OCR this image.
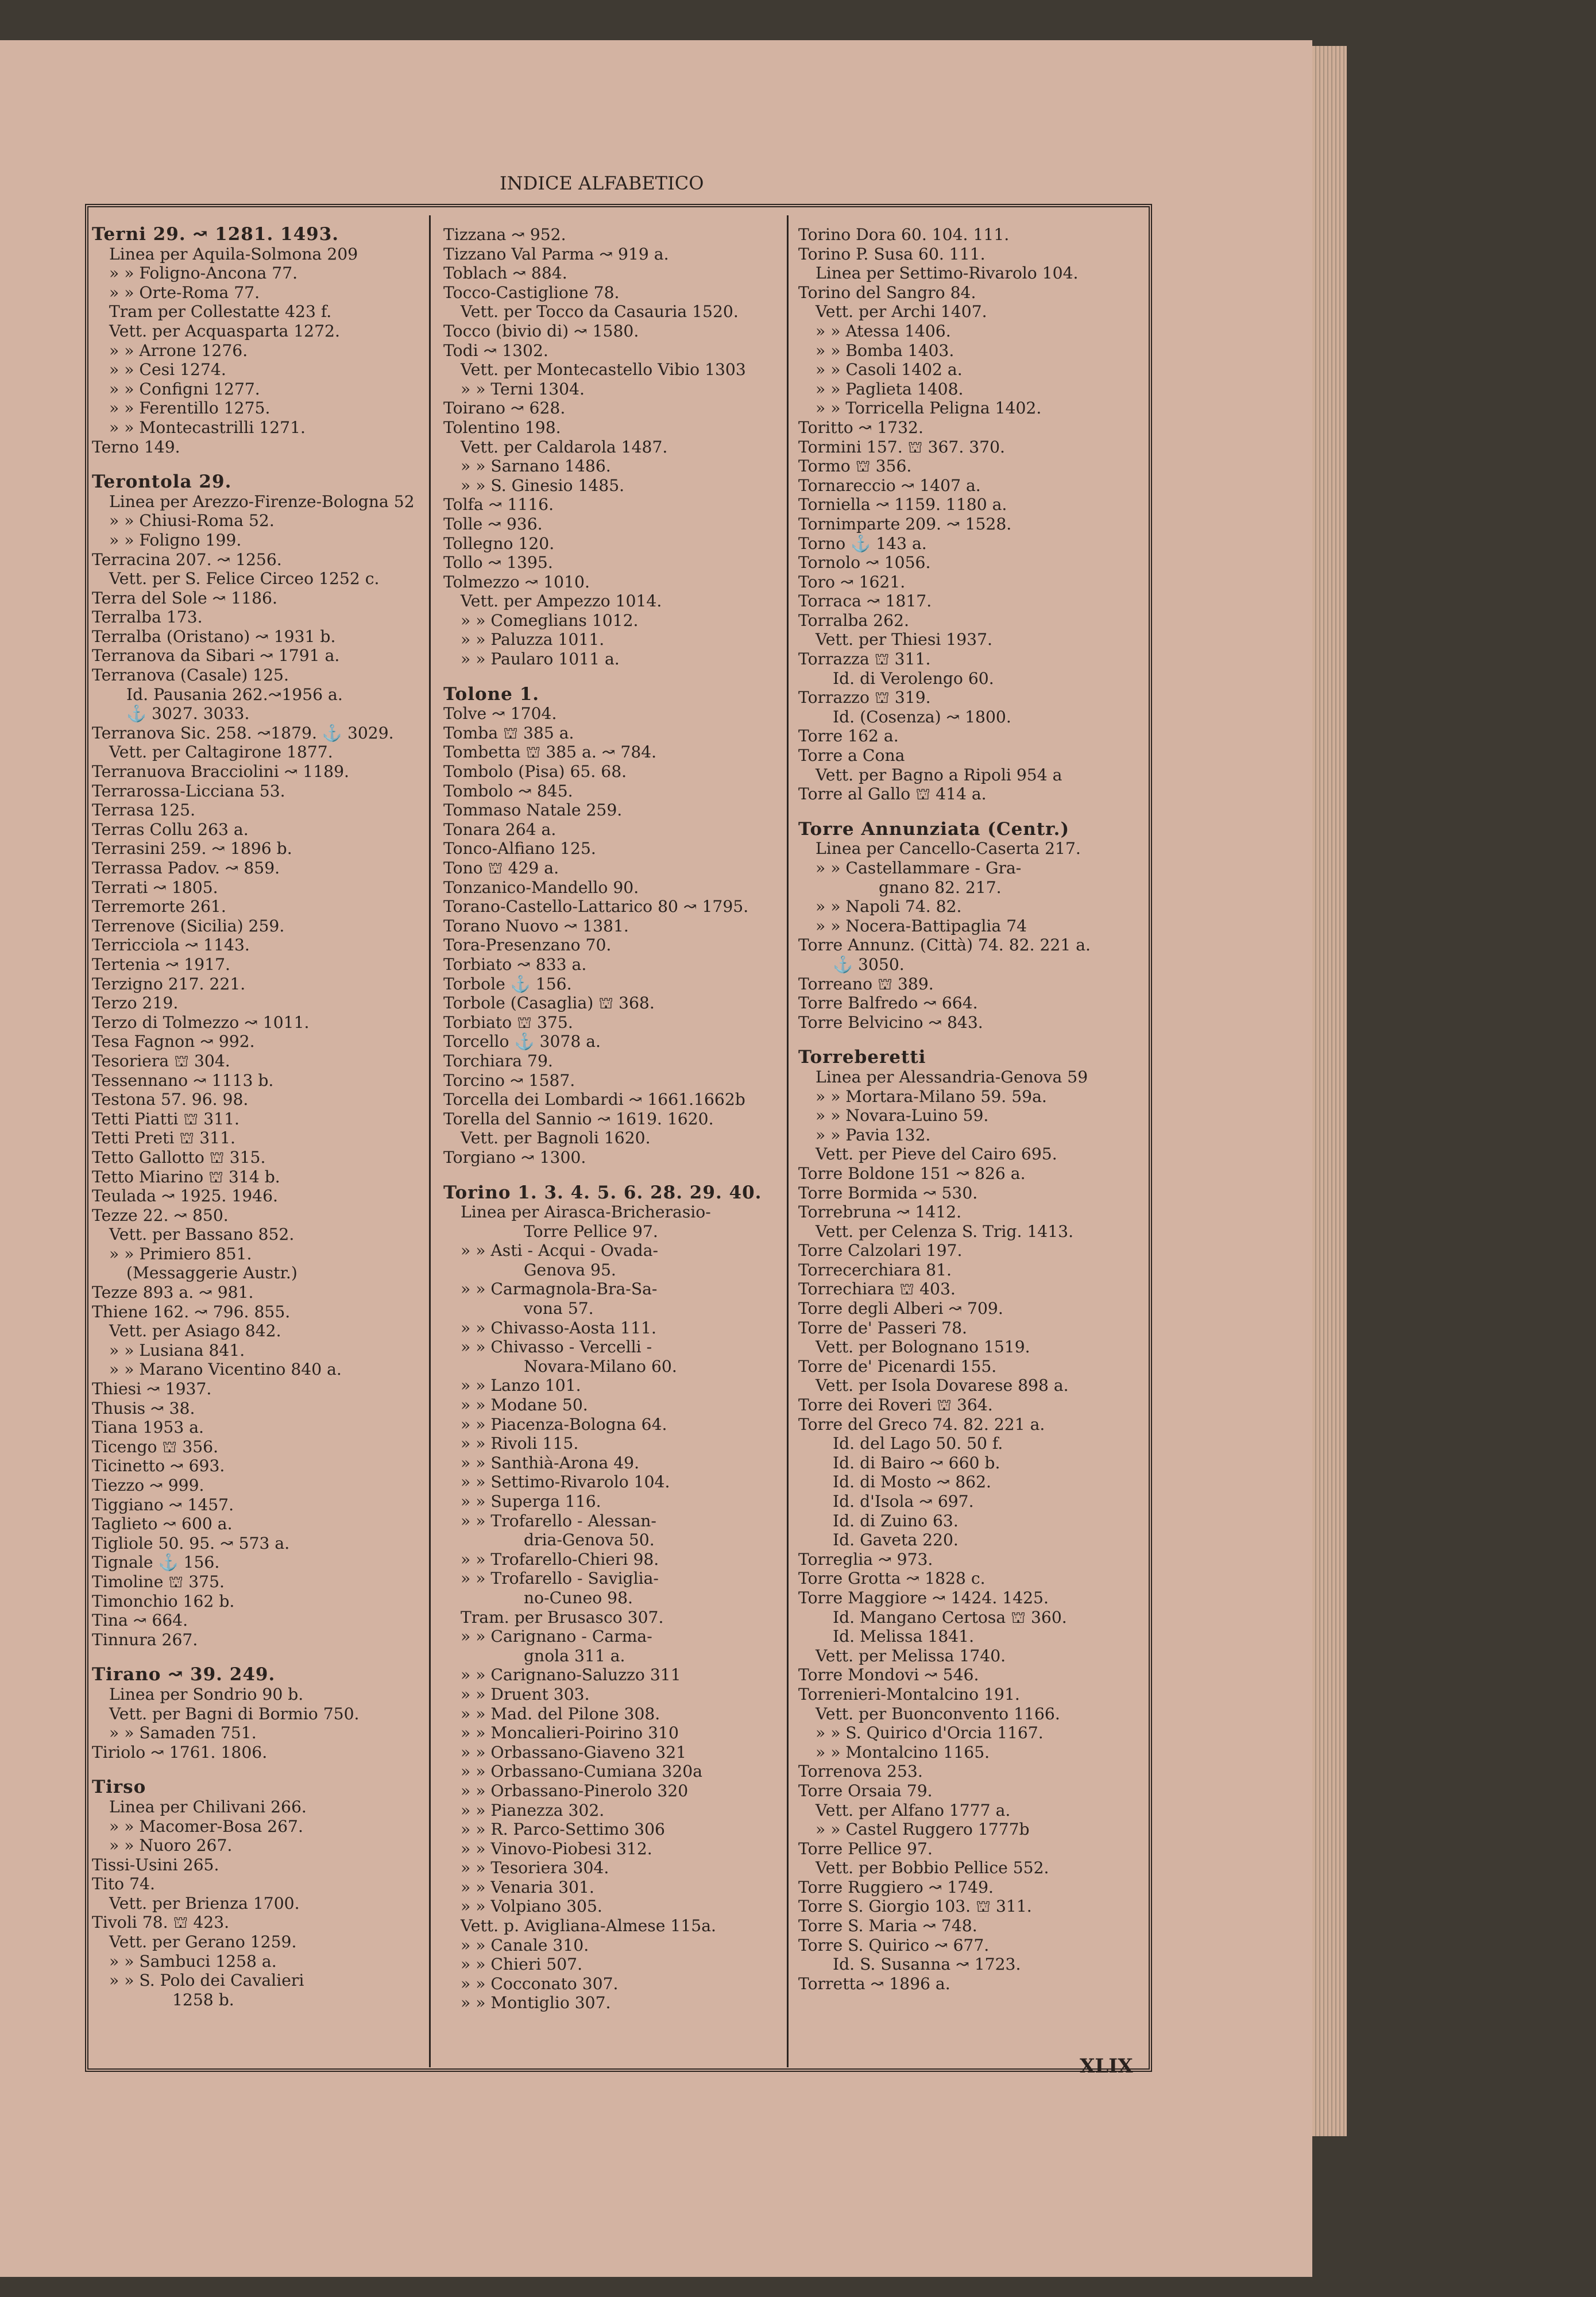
INDICE ALFABETICO
Terni 29. ↝ 1281. 1493.
Linea per Aquila-Solmona 209
» » Foligno-Ancona 77.
» » Orte-Roma 77.
Tram per Collestatte 423 f.
Vett. per Acquasparta 1272.
» » Arrone 1276.
» » Cesi 1274.
» » Configni 1277.
» » Ferentillo 1275.
» » Montecastrilli 1271.
Terno 149.
Terontola 29.
Linea per Arezzo-Firenze-Bologna 52
» » Chiusi-Roma 52.
» » Foligno 199.
Terracina 207. ↝ 1256.
Vett. per S. Felice Circeo 1252 c.
Terra del Sole ↝ 1186.
Terralba 173.
Terralba (Oristano) ↝ 1931 b.
Terranova da Sibari ↝ 1791 a.
Terranova (Casale) 125.
Id. Pausania 262.↝1956 a.
⚓ 3027. 3033.
Terranova Sic. 258. ↝1879. ⚓ 3029.
Vett. per Caltagirone 1877.
Terranuova Bracciolini ↝ 1189.
Terrarossa-Licciana 53.
Terrasa 125.
Terras Collu 263 a.
Terrasini 259. ↝ 1896 b.
Terrassa Padov. ↝ 859.
Terrati ↝ 1805.
Terremorte 261.
Terrenove (Sicilia) 259.
Terricciola ↝ 1143.
Tertenia ↝ 1917.
Terzigno 217. 221.
Terzo 219.
Terzo di Tolmezzo ↝ 1011.
Tesa Fagnon ↝ 992.
Tesoriera ⛫ 304.
Tessennano ↝ 1113 b.
Testona 57. 96. 98.
Tetti Piatti ⛫ 311.
Tetti Preti ⛫ 311.
Tetto Gallotto ⛫ 315.
Tetto Miarino ⛫ 314 b.
Teulada ↝ 1925. 1946.
Tezze 22. ↝ 850.
Vett. per Bassano 852.
» » Primiero 851.
(Messaggerie Austr.)
Tezze 893 a. ↝ 981.
Thiene 162. ↝ 796. 855.
Vett. per Asiago 842.
» » Lusiana 841.
» » Marano Vicentino 840 a.
Thiesi ↝ 1937.
Thusis ↝ 38.
Tiana 1953 a.
Ticengo ⛫ 356.
Ticinetto ↝ 693.
Tiezzo ↝ 999.
Tiggiano ↝ 1457.
Taglieto ↝ 600 a.
Tigliole 50. 95. ↝ 573 a.
Tignale ⚓ 156.
Timoline ⛫ 375.
Timonchio 162 b.
Tina ↝ 664.
Tinnura 267.
Tirano ↝ 39. 249.
Linea per Sondrio 90 b.
Vett. per Bagni di Bormio 750.
» » Samaden 751.
Tiriolo ↝ 1761. 1806.
Tirso
Linea per Chilivani 266.
» » Macomer-Bosa 267.
» » Nuoro 267.
Tissi-Usini 265.
Tito 74.
Vett. per Brienza 1700.
Tivoli 78. ⛫ 423.
Vett. per Gerano 1259.
» » Sambuci 1258 a.
» » S. Polo dei Cavalieri
1258 b.
Tizzana ↝ 952.
Tizzano Val Parma ↝ 919 a.
Toblach ↝ 884.
Tocco-Castiglione 78.
Vett. per Tocco da Casauria 1520.
Tocco (bivio di) ↝ 1580.
Todi ↝ 1302.
Vett. per Montecastello Vibio 1303
» » Terni 1304.
Toirano ↝ 628.
Tolentino 198.
Vett. per Caldarola 1487.
» » Sarnano 1486.
» » S. Ginesio 1485.
Tolfa ↝ 1116.
Tolle ↝ 936.
Tollegno 120.
Tollo ↝ 1395.
Tolmezzo ↝ 1010.
Vett. per Ampezzo 1014.
» » Comeglians 1012.
» » Paluzza 1011.
» » Paularo 1011 a.
Tolone 1.
Tolve ↝ 1704.
Tomba ⛫ 385 a.
Tombetta ⛫ 385 a. ↝ 784.
Tombolo (Pisa) 65. 68.
Tombolo ↝ 845.
Tommaso Natale 259.
Tonara 264 a.
Tonco-Alfiano 125.
Tono ⛫ 429 a.
Tonzanico-Mandello 90.
Torano-Castello-Lattarico 80 ↝ 1795.
Torano Nuovo ↝ 1381.
Tora-Presenzano 70.
Torbiato ↝ 833 a.
Torbole ⚓ 156.
Torbole (Casaglia) ⛫ 368.
Torbiato ⛫ 375.
Torcello ⚓ 3078 a.
Torchiara 79.
Torcino ↝ 1587.
Torcella dei Lombardi ↝ 1661.1662b
Torella del Sannio ↝ 1619. 1620.
Vett. per Bagnoli 1620.
Torgiano ↝ 1300.
Torino 1. 3. 4. 5. 6. 28. 29. 40.
Linea per Airasca-Bricherasio-
Torre Pellice 97.
» » Asti - Acqui - Ovada-
Genova 95.
» » Carmagnola-Bra-Sa-
vona 57.
» » Chivasso-Aosta 111.
» » Chivasso - Vercelli -
Novara-Milano 60.
» » Lanzo 101.
» » Modane 50.
» » Piacenza-Bologna 64.
» » Rivoli 115.
» » Santhià-Arona 49.
» » Settimo-Rivarolo 104.
» » Superga 116.
» » Trofarello - Alessan-
dria-Genova 50.
» » Trofarello-Chieri 98.
» » Trofarello - Savigliа-
no-Cuneo 98.
Tram. per Brusasco 307.
» » Carignano - Carma-
gnola 311 a.
» » Carignano-Saluzzo 311
» » Druent 303.
» » Mad. del Pilone 308.
» » Moncalieri-Poirino 310
» » Orbassano-Giaveno 321
» » Orbassano-Cumiana 320a
» » Orbassano-Pinerolo 320
» » Pianezza 302.
» » R. Parco-Settimo 306
» » Vinovo-Piobesi 312.
» » Tesoriera 304.
» » Venaria 301.
» » Volpiano 305.
Vett. p. Avigliana-Almese 115a.
» » Canale 310.
» » Chieri 507.
» » Cocconato 307.
» » Montiglio 307.
Torino Dora 60. 104. 111.
Torino P. Susa 60. 111.
Linea per Settimo-Rivarolo 104.
Torino del Sangro 84.
Vett. per Archi 1407.
» » Atessa 1406.
» » Bomba 1403.
» » Casoli 1402 a.
» » Paglieta 1408.
» » Torricella Peligna 1402.
Toritto ↝ 1732.
Tormini 157. ⛫ 367. 370.
Tormo ⛫ 356.
Tornareccio ↝ 1407 a.
Torniella ↝ 1159. 1180 a.
Tornimparte 209. ↝ 1528.
Torno ⚓ 143 a.
Tornolo ↝ 1056.
Toro ↝ 1621.
Torraca ↝ 1817.
Torralba 262.
Vett. per Thiesi 1937.
Torrazza ⛫ 311.
Id. di Verolengo 60.
Torrazzo ⛫ 319.
Id. (Cosenza) ↝ 1800.
Torre 162 a.
Torre a Cona
Vett. per Bagno a Ripoli 954 a
Torre al Gallo ⛫ 414 a.
Torre Annunziata (Centr.)
Linea per Cancello-Caserta 217.
» » Castellammare - Gra-
gnano 82. 217.
» » Napoli 74. 82.
» » Nocera-Battipaglia 74
Torre Annunz. (Città) 74. 82. 221 a.
⚓ 3050.
Torreano ⛫ 389.
Torre Balfredo ↝ 664.
Torre Belvicino ↝ 843.
Torreberetti
Linea per Alessandria-Genova 59
» » Mortara-Milano 59. 59a.
» » Novara-Luino 59.
» » Pavia 132.
Vett. per Pieve del Cairo 695.
Torre Boldone 151 ↝ 826 a.
Torre Bormida ↝ 530.
Torrebruna ↝ 1412.
Vett. per Celenza S. Trig. 1413.
Torre Calzolari 197.
Torrecerchiara 81.
Torrechiara ⛫ 403.
Torre degli Alberi ↝ 709.
Torre de' Passeri 78.
Vett. per Bolognano 1519.
Torre de' Picenardi 155.
Vett. per Isola Dovarese 898 a.
Torre dei Roveri ⛫ 364.
Torre del Greco 74. 82. 221 a.
Id. del Lago 50. 50 f.
Id. di Bairo ↝ 660 b.
Id. di Mosto ↝ 862.
Id. d'Isola ↝ 697.
Id. di Zuino 63.
Id. Gaveta 220.
Torreglia ↝ 973.
Torre Grotta ↝ 1828 c.
Torre Maggiore ↝ 1424. 1425.
Id. Mangano Certosa ⛫ 360.
Id. Melissa 1841.
Vett. per Melissa 1740.
Torre Mondovi ↝ 546.
Torrenieri-Montalcino 191.
Vett. per Buonconvento 1166.
» » S. Quirico d'Orcia 1167.
» » Montalcino 1165.
Torrenova 253.
Torre Orsaia 79.
Vett. per Alfano 1777 a.
» » Castel Ruggero 1777b
Torre Pellice 97.
Vett. per Bobbio Pellice 552.
Torre Ruggiero ↝ 1749.
Torre S. Giorgio 103. ⛫ 311.
Torre S. Maria ↝ 748.
Torre S. Quirico ↝ 677.
Id. S. Susanna ↝ 1723.
Torretta ↝ 1896 a.
XLIX
